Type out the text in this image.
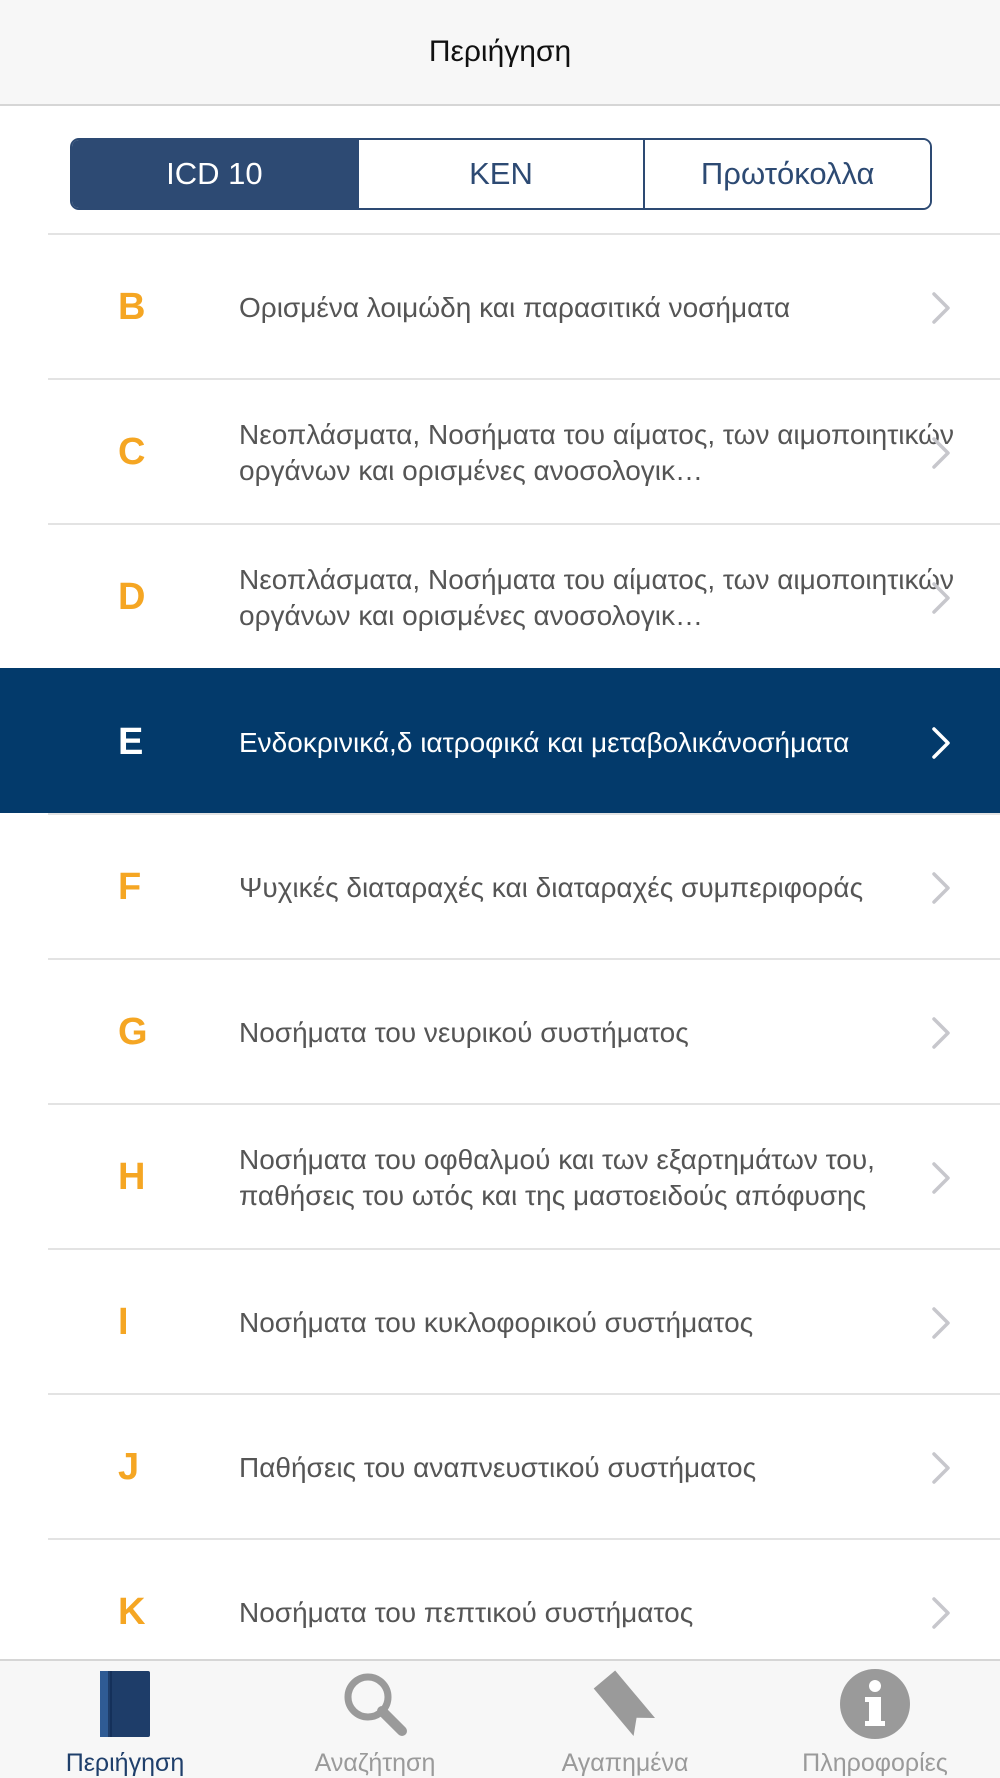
Περιήγηση
ICD 10	ΚΕΝ	Πρωτόκολλα
B	Ορισμένα λοιμώδη και παρασιτικά νοσήματα
C	Νεοπλάσματα, Νοσήματα του αίματος, των αιμοποιητικών οργάνων και ορισμένες ανοσολογικ…
D	Νεοπλάσματα, Νοσήματα του αίματος, των αιμοποιητικών οργάνων και ορισμένες ανοσολογικ…
E	Ενδοκρινικά,δ ιατροφικά και μεταβολικάνοσήματα
F	Ψυχικές διαταραχές και διαταραχές συμπεριφοράς
G	Νοσήματα του νευρικού συστήματος
H	Νοσήματα του οφθαλμού και των εξαρτημάτων του, παθήσεις του ωτός και της μαστοειδούς απόφυσης
I	Νοσήματα του κυκλοφορικού συστήματος
J	Παθήσεις του αναπνευστικού συστήματος
K	Νοσήματα του πεπτικού συστήματος
Περιήγηση	Αναζήτηση	Αγαπημένα	Πληροφορίες
